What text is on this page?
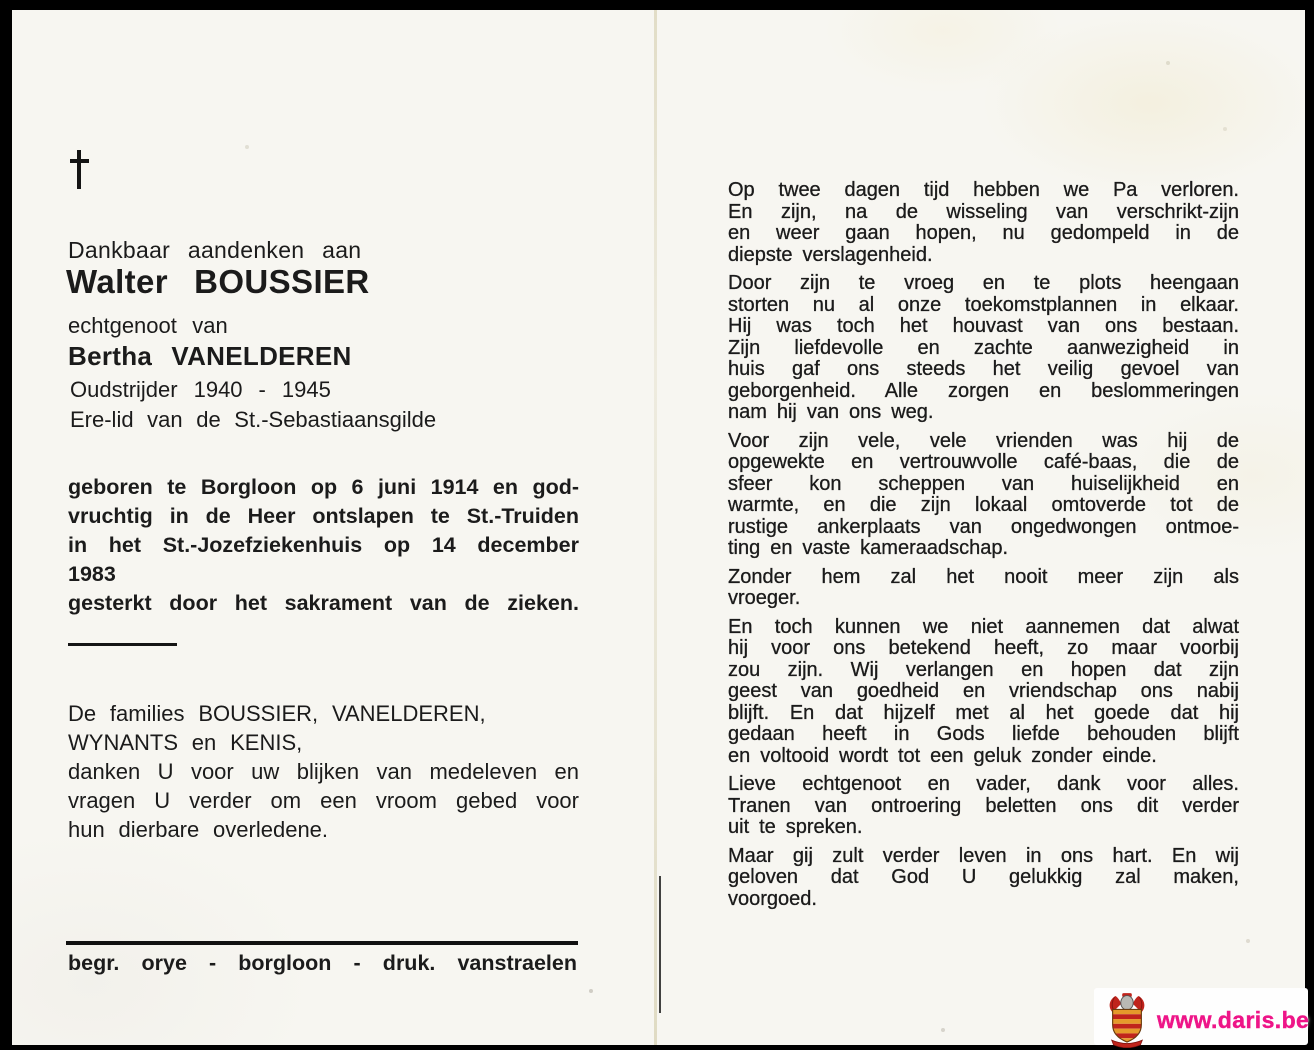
Dankbaar aandenken aan
Walter BOUSSIER
echtgenoot van
Bertha VANELDEREN
Oudstrijder 1940 - 1945
Ere-lid van de St.-Sebastiaansgilde
geboren te Borgloon op 6 juni 1914 en god-
vruchtig in de Heer ontslapen te St.-Truiden
in het St.-Jozefziekenhuis op 14 december 1983
gesterkt door het sakrament van de zieken.
De families BOUSSIER, VANELDEREN,
WYNANTS en KENIS,
danken U voor uw blijken van medeleven en
vragen U verder om een vroom gebed voor
hun dierbare overledene.
begr. orye - borgloon - druk. vanstraelen
Op twee dagen tijd hebben we Pa verloren.
En zijn, na de wisseling van verschrikt-zijn
en weer gaan hopen, nu gedompeld in de
diepste verslagenheid.
Door zijn te vroeg en te plots heengaan
storten nu al onze toekomstplannen in elkaar.
Hij was toch het houvast van ons bestaan.
Zijn liefdevolle en zachte aanwezigheid in
huis gaf ons steeds het veilig gevoel van
geborgenheid. Alle zorgen en beslommeringen
nam hij van ons weg.
Voor zijn vele, vele vrienden was hij de
opgewekte en vertrouwvolle café-baas, die de
sfeer kon scheppen van huiselijkheid en
warmte, en die zijn lokaal omtoverde tot de
rustige ankerplaats van ongedwongen ontmoe-
ting en vaste kameraadschap.
Zonder hem zal het nooit meer zijn als
vroeger.
En toch kunnen we niet aannemen dat alwat
hij voor ons betekend heeft, zo maar voorbij
zou zijn. Wij verlangen en hopen dat zijn
geest van goedheid en vriendschap ons nabij
blijft. En dat hijzelf met al het goede dat hij
gedaan heeft in Gods liefde behouden blijft
en voltooid wordt tot een geluk zonder einde.
Lieve echtgenoot en vader, dank voor alles.
Tranen van ontroering beletten ons dit verder
uit te spreken.
Maar gij zult verder leven in ons hart. En wij
geloven dat God U gelukkig zal maken,
voorgoed.
www.daris.be
